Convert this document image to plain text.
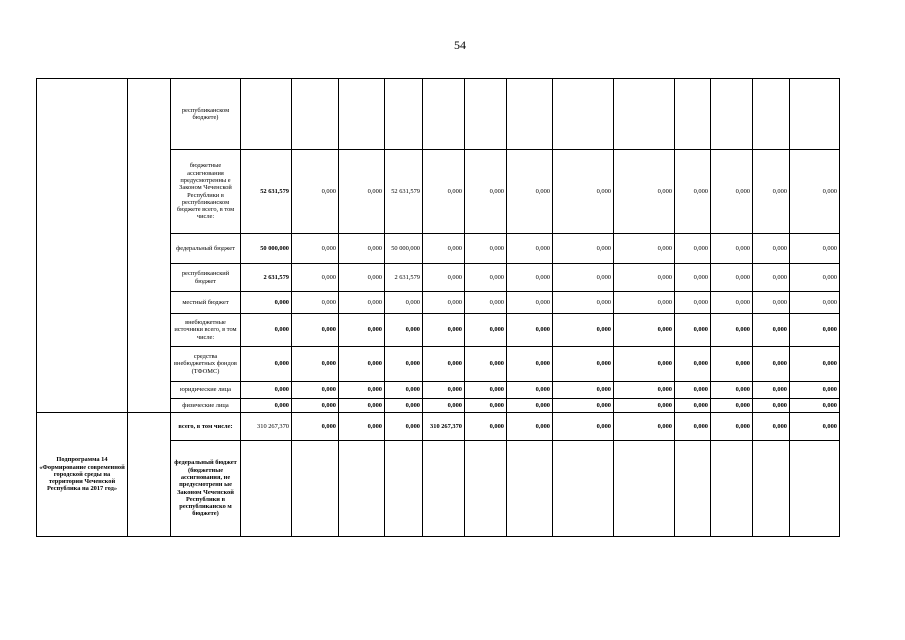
54
		республиканском бюджете)													
		бюджетные ассигнования предусмотренны е Законом Чеченской Республики в республиканском бюджете всего, в том числе:	52 631,579	0,000	0,000	52 631,579	0,000	0,000	0,000	0,000	0,000	0,000	0,000	0,000	0,000
		федеральный бюджет	50 000,000	0,000	0,000	50 000,000	0,000	0,000	0,000	0,000	0,000	0,000	0,000	0,000	0,000
		республиканский бюджет	2 631,579	0,000	0,000	2 631,579	0,000	0,000	0,000	0,000	0,000	0,000	0,000	0,000	0,000
		местный бюджет	0,000	0,000	0,000	0,000	0,000	0,000	0,000	0,000	0,000	0,000	0,000	0,000	0,000
		внебюджетные источники всего, в том числе:	0,000	0,000	0,000	0,000	0,000	0,000	0,000	0,000	0,000	0,000	0,000	0,000	0,000
		средства внебюджетных фондов (ТФОМС)	0,000	0,000	0,000	0,000	0,000	0,000	0,000	0,000	0,000	0,000	0,000	0,000	0,000
		юридические лица	0,000	0,000	0,000	0,000	0,000	0,000	0,000	0,000	0,000	0,000	0,000	0,000	0,000
		физические лица	0,000	0,000	0,000	0,000	0,000	0,000	0,000	0,000	0,000	0,000	0,000	0,000	0,000
Подпрограмма 14 «Формирование современной городской среды на территории Чеченской Республика на 2017 год»		всего, в том числе:	310 267,370	0,000	0,000	0,000	310 267,370	0,000	0,000	0,000	0,000	0,000	0,000	0,000	0,000
		федеральный бюджет (бюджетные ассигнования, не предусмотренн ые Законом Чеченской Республики в республиканско м бюджете)													
